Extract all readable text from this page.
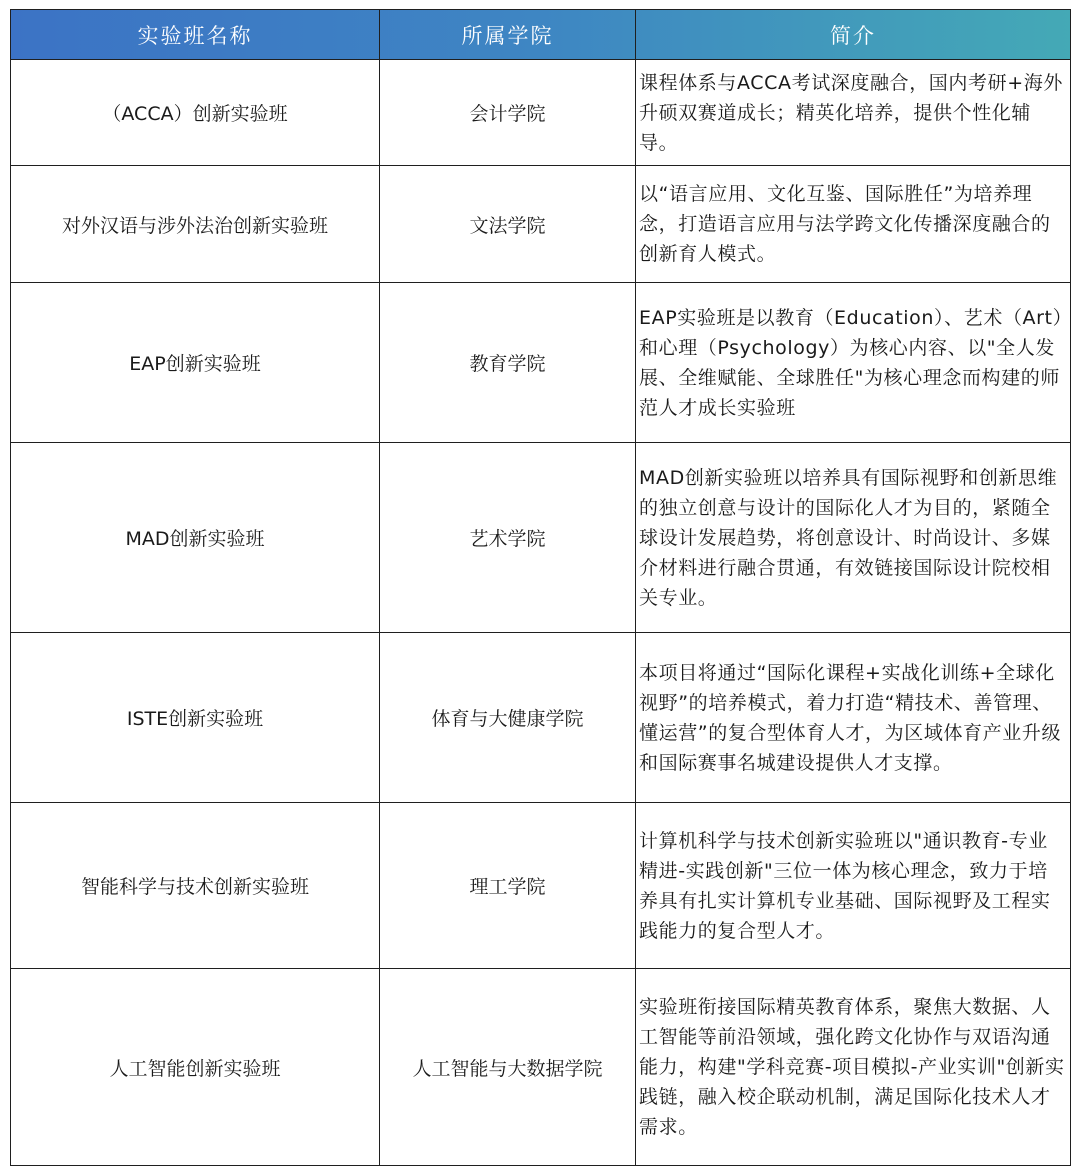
实验班名称	所属学院	简介
（ACCA）创新实验班	会计学院	课程体系与ACCA考试深度融合，国内考研+海外升硕双赛道成长；精英化培养，提供个性化辅导。
对外汉语与涉外法治创新实验班	文法学院	以“语言应用、文化互鉴、国际胜任”为培养理念，打造语言应用与法学跨文化传播深度融合的创新育人模式。
EAP创新实验班	教育学院	EAP实验班是以教育（Education）、艺术（Art）和心理（Psychology）为核心内容、以"全人发展、全维赋能、全球胜任"为核心理念而构建的师范人才成长实验班
MAD创新实验班	艺术学院	MAD创新实验班以培养具有国际视野和创新思维的独立创意与设计的国际化人才为目的，紧随全球设计发展趋势，将创意设计、时尚设计、多媒介材料进行融合贯通，有效链接国际设计院校相关专业。
ISTE创新实验班	体育与大健康学院	本项目将通过“国际化课程+实战化训练+全球化视野”的培养模式，着力打造“精技术、善管理、懂运营”的复合型体育人才，为区域体育产业升级和国际赛事名城建设提供人才支撑。
智能科学与技术创新实验班	理工学院	计算机科学与技术创新实验班以"通识教育-专业精进-实践创新"三位一体为核心理念，致力于培养具有扎实计算机专业基础、国际视野及工程实践能力的复合型人才。
人工智能创新实验班	人工智能与大数据学院	实验班衔接国际精英教育体系，聚焦大数据、人工智能等前沿领域，强化跨文化协作与双语沟通能力，构建"学科竞赛-项目模拟-产业实训"创新实践链，融入校企联动机制，满足国际化技术人才需求。
